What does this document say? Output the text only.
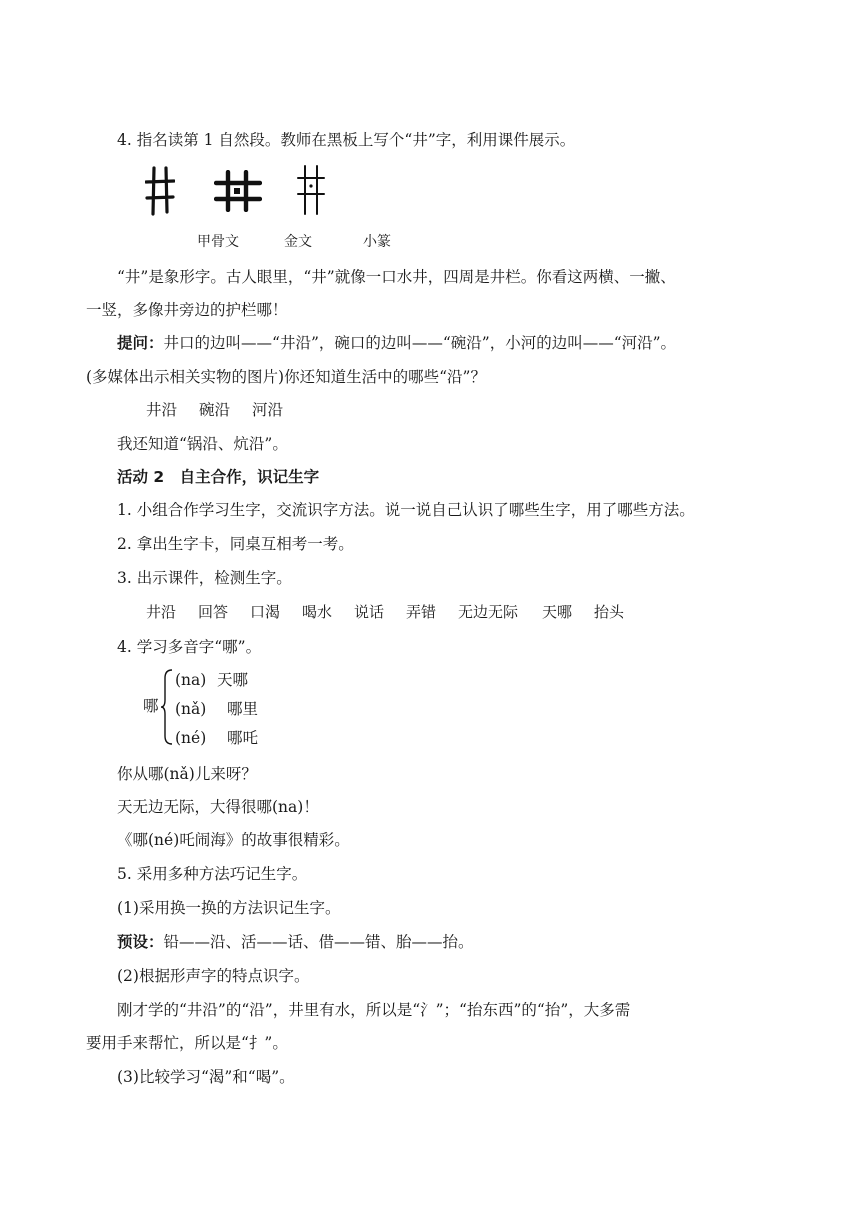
4. 指名读第 1 自然段。教师在黑板上写个“井”字，利用课件展示。
甲骨文	金文	小篆
“井”是象形字。古人眼里，“井”就像一口水井，四周是井栏。你看这两横、一撇、
一竖，多像井旁边的护栏哪！
提问：井口的边叫——“井沿”，碗口的边叫——“碗沿”，小河的边叫——“河沿”。
(多媒体出示相关实物的图片)你还知道生活中的哪些“沿”？
井沿 碗沿 河沿
我还知道“锅沿、炕沿”。
活动 2　自主合作，识记生字
1. 小组合作学习生字，交流识字方法。说一说自己认识了哪些生字，用了哪些方法。
2. 拿出生字卡，同桌互相考一考。
3. 出示课件，检测生字。
井沿 回答 口渴 喝水 说话 弄错 无边无际 天哪 抬头
4. 学习多音字“哪”。
哪
(na) 天哪
(nǎ) 哪里
(né) 哪吒
你从哪(nǎ)儿来呀？
天无边无际，大得很哪(na)！
《哪(né)吒闹海》的故事很精彩。
5. 采用多种方法巧记生字。
(1)采用换一换的方法识记生字。
预设：铅——沿、活——话、借——错、胎——抬。
(2)根据形声字的特点识字。
刚才学的“井沿”的“沿”，井里有水，所以是“氵”；“抬东西”的“抬”，大多需
要用手来帮忙，所以是“扌”。
(3)比较学习“渴”和“喝”。
